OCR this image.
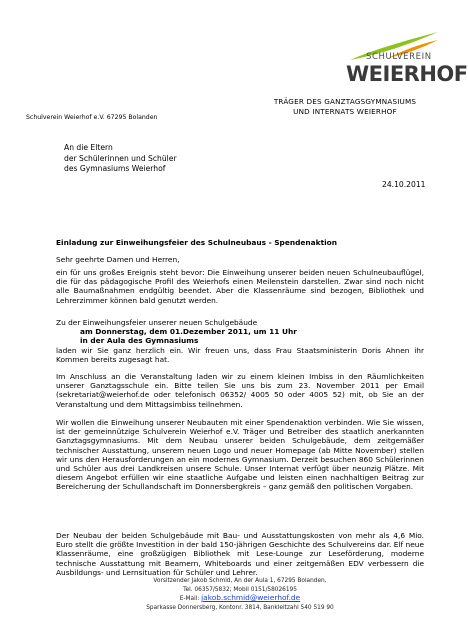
SCHULVEREIN
WEIERHOF
TRÄGER DES GANZTAGSGYMNASIUMS
UND INTERNATS WEIERHOF
Schulverein Weierhof e.V. 67295 Bolanden
An die Eltern
der Schülerinnen und Schüler
des Gymnasiums Weierhof
24.10.2011
Einladung zur Einweihungsfeier des Schulneubaus - Spendenaktion
Sehr geehrte Damen und Herren,
ein für uns großes Ereignis steht bevor: Die Einweihung unserer beiden neuen Schulneubauflügel, die für das pädagogische Profil des Weierhofs einen Meilenstein darstellen. Zwar sind noch nicht alle Baumaßnahmen endgültig beendet. Aber die Klassenräume sind bezogen, Bibliothek und Lehrerzimmer können bald genutzt werden.
Zu der Einweihungsfeier unserer neuen Schulgebäude
am Donnerstag, dem 01.Dezember 2011, um 11 Uhr
in der Aula des Gymnasiums
laden wir Sie ganz herzlich ein. Wir freuen uns, dass Frau Staatsministerin Doris Ahnen ihr Kommen bereits zugesagt hat.
Im Anschluss an die Veranstaltung laden wir zu einem kleinen Imbiss in den Räumlichkeiten unserer Ganztagsschule ein. Bitte teilen Sie uns bis zum 23. November 2011 per Email (sekretariat@weierhof.de oder telefonisch 06352/ 4005 50 oder 4005 52) mit, ob Sie an der Veranstaltung und dem Mittagsimbiss teilnehmen.
Wir wollen die Einweihung unserer Neubauten mit einer Spendenaktion verbinden. Wie Sie wissen, ist der gemeinnützige Schulverein Weierhof e.V. Träger und Betreiber des staatlich anerkannten Ganztagsgymnasiums. Mit dem Neubau unserer beiden Schulgebäude, dem zeitgemäßer technischer Ausstattung, unserem neuen Logo und neuer Homepage (ab Mitte November) stellen wir uns den Herausforderungen an ein modernes Gymnasium. Derzeit besuchen 860 Schülerinnen und Schüler aus drei Landkreisen unsere Schule. Unser Internat verfügt über neunzig Plätze. Mit diesem Angebot erfüllen wir eine staatliche Aufgabe und leisten einen nachhaltigen Beitrag zur Bereicherung der Schullandschaft im Donnersbergkreis – ganz gemäß den politischen Vorgaben.
Der Neubau der beiden Schulgebäude mit Bau- und Ausstattungskosten von mehr als 4,6 Mio. Euro stellt die größte Investition in der bald 150-jährigen Geschichte des Schulvereins dar. Elf neue Klassenräume, eine großzügigen Bibliothek mit Lese-Lounge zur Leseförderung, moderne technische Ausstattung mit Beamern, Whiteboards und einer zeitgemäßen EDV verbessern die Ausbildungs- und Lernsituation für Schüler und Lehrer.
Vorsitzender Jakob Schmid, An der Aula 1, 67295 Bolanden,
Tel. 06357/5832; Mobil 0151/58026195
E-Mail: jakob.schmid@weierhof.de
Sparkasse Donnersberg, Kontonr. 3814, Bankleitzahl 540 519 90
